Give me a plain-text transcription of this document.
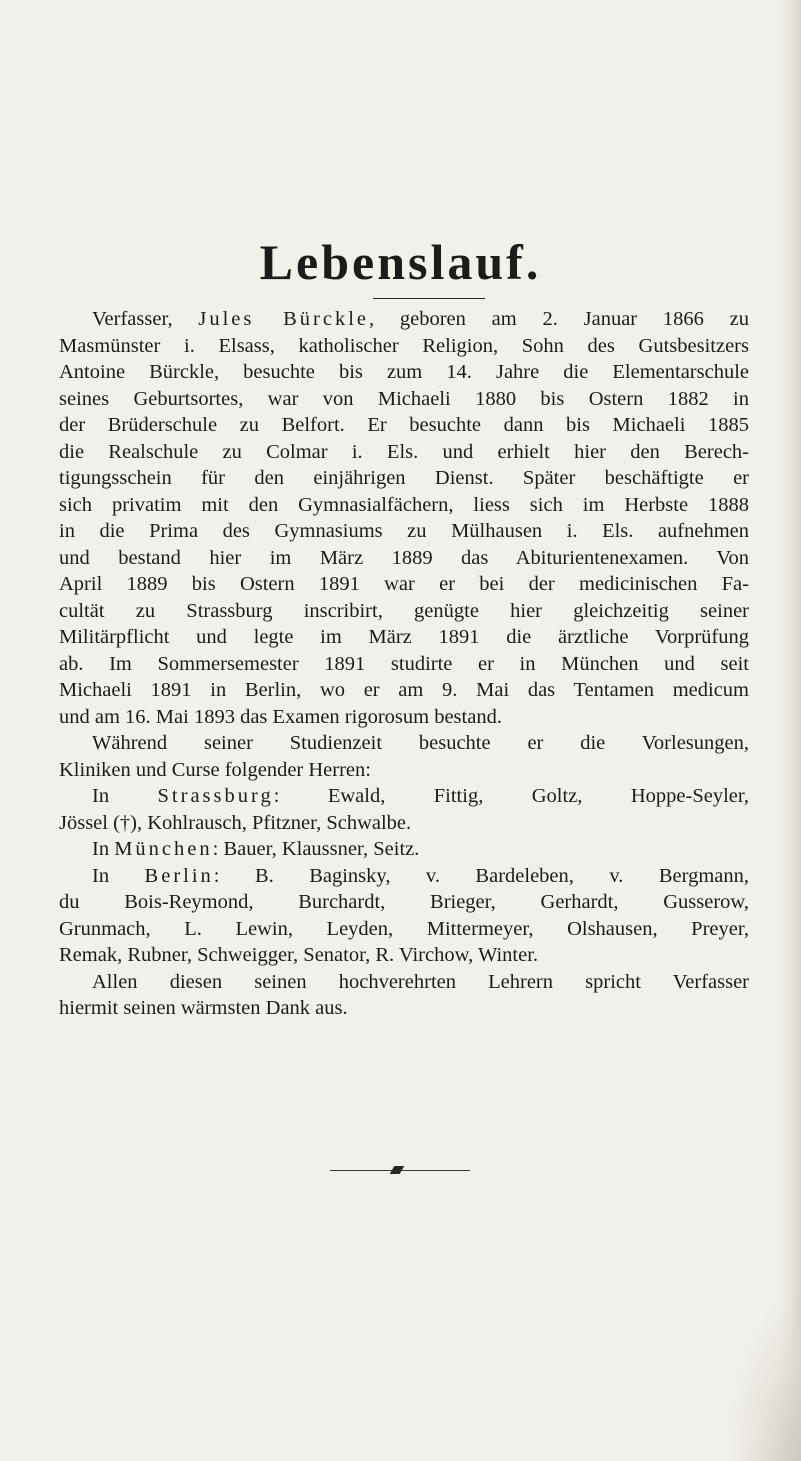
Lebenslauf.
Verfasser, Jules Bürckle, geboren am 2. Januar 1866 zu
Masmünster i. Elsass, katholischer Religion, Sohn des Gutsbesitzers
Antoine Bürckle, besuchte bis zum 14. Jahre die Elementarschule
seines Geburtsortes, war von Michaeli 1880 bis Ostern 1882 in
der Brüderschule zu Belfort. Er besuchte dann bis Michaeli 1885
die Realschule zu Colmar i. Els. und erhielt hier den Berech-
tigungsschein für den einjährigen Dienst. Später beschäftigte er
sich privatim mit den Gymnasialfächern, liess sich im Herbste 1888
in die Prima des Gymnasiums zu Mülhausen i. Els. aufnehmen
und bestand hier im März 1889 das Abiturientenexamen. Von
April 1889 bis Ostern 1891 war er bei der medicinischen Fa-
cultät zu Strassburg inscribirt, genügte hier gleichzeitig seiner
Militärpflicht und legte im März 1891 die ärztliche Vorprüfung
ab. Im Sommersemester 1891 studirte er in München und seit
Michaeli 1891 in Berlin, wo er am 9. Mai das Tentamen medicum
und am 16. Mai 1893 das Examen rigorosum bestand.
Während seiner Studienzeit besuchte er die Vorlesungen,
Kliniken und Curse folgender Herren:
In Strassburg: Ewald, Fittig, Goltz, Hoppe-Seyler,
Jössel (†), Kohlrausch, Pfitzner, Schwalbe.
In München: Bauer, Klaussner, Seitz.
In Berlin: B. Baginsky, v. Bardeleben, v. Bergmann,
du Bois-Reymond, Burchardt, Brieger, Gerhardt, Gusserow,
Grunmach, L. Lewin, Leyden, Mittermeyer, Olshausen, Preyer,
Remak, Rubner, Schweigger, Senator, R. Virchow, Winter.
Allen diesen seinen hochverehrten Lehrern spricht Verfasser
hiermit seinen wärmsten Dank aus.
